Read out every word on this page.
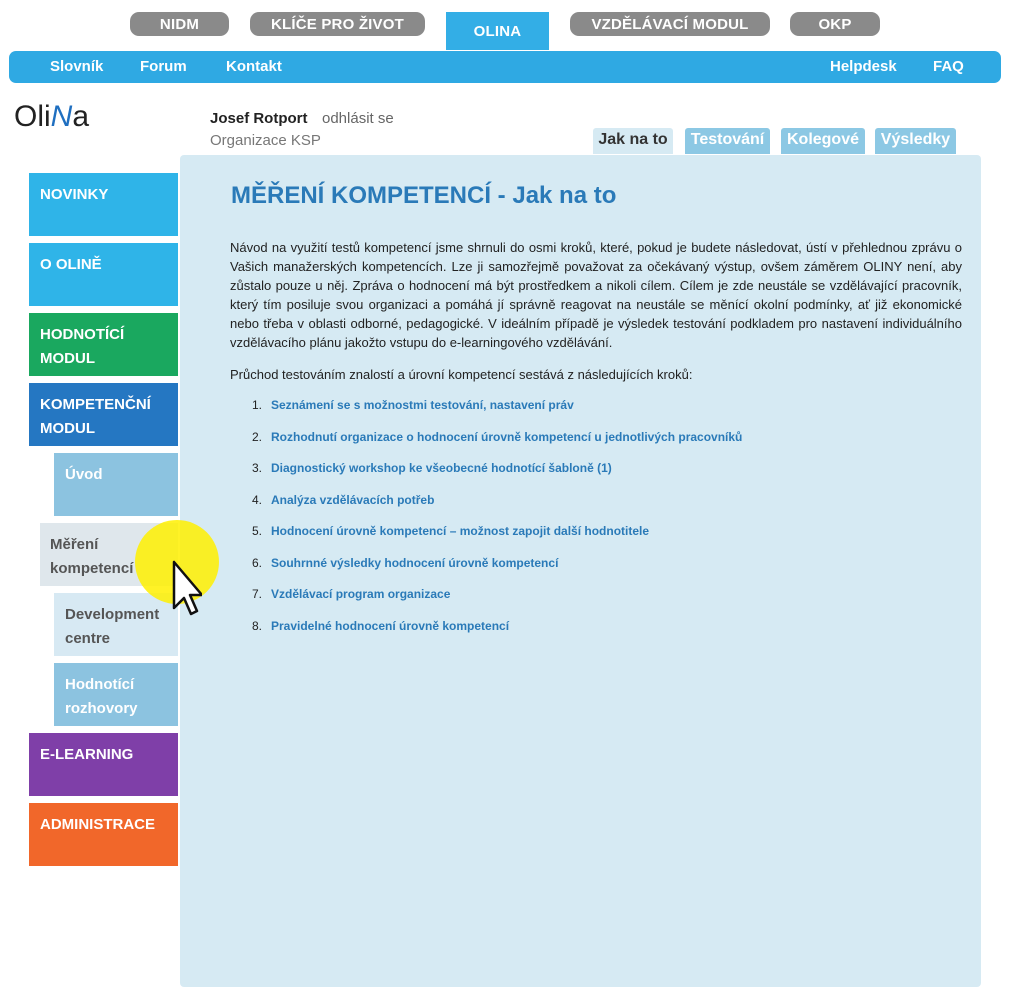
NIDM	KLÍČE PRO ŽIVOT	OLINA	VZDĚLÁVACÍ MODUL	OKP
Slovník Forum	Kontakt	Helpdesk FAQ
OliNa	Josef Rotport odhlásit se
Organizace KSP	Jak na to	Testování	Kolegové	Výsledky
MĚŘENÍ KOMPETENCÍ - Jak na to

Návod na využití testů kompetencí jsme shrnuli do osmi kroků, které, pokud je budete následovat, ústí v přehlednou zprávu o Vašich manažerských kompetencích. Lze ji samozřejmě považovat za očekávaný výstup, ovšem záměrem OLINY není, aby zůstalo pouze u něj. Zpráva o hodnocení má být prostředkem a nikoli cílem. Cílem je zde neustále se vzdělávající pracovník, který tím posiluje svou organizaci a pomáhá jí správně reagovat na neustále se měnící okolní podmínky, ať již ekonomické nebo třeba v oblasti odborné, pedagogické. V ideálním případě je výsledek testování podkladem pro nastavení individuálního vzdělávacího plánu jakožto vstupu do e-learningového vzdělávání.

Průchod testováním znalostí a úrovní kompetencí sestává z následujících kroků:
1. Seznámení se s možnostmi testování, nastavení práv
2. Rozhodnutí organizace o hodnocení úrovně kompetencí u jednotlivých pracovníků
3. Diagnostický workshop ke všeobecné hodnotící šabloně (1)
4. Analýza vzdělávacích potřeb
5. Hodnocení úrovně kompetencí – možnost zapojit další hodnotitele
6. Souhrnné výsledky hodnocení úrovně kompetencí
7. Vzdělávací program organizace
8. Pravidelné hodnocení úrovně kompetencí
NOVINKY
O OLINĚ
HODNOTÍCÍ MODUL
KOMPETENČNÍ MODUL
Úvod
Měření kompetencí
Development centre
Hodnotící rozhovory
E-LEARNING
ADMINISTRACE
